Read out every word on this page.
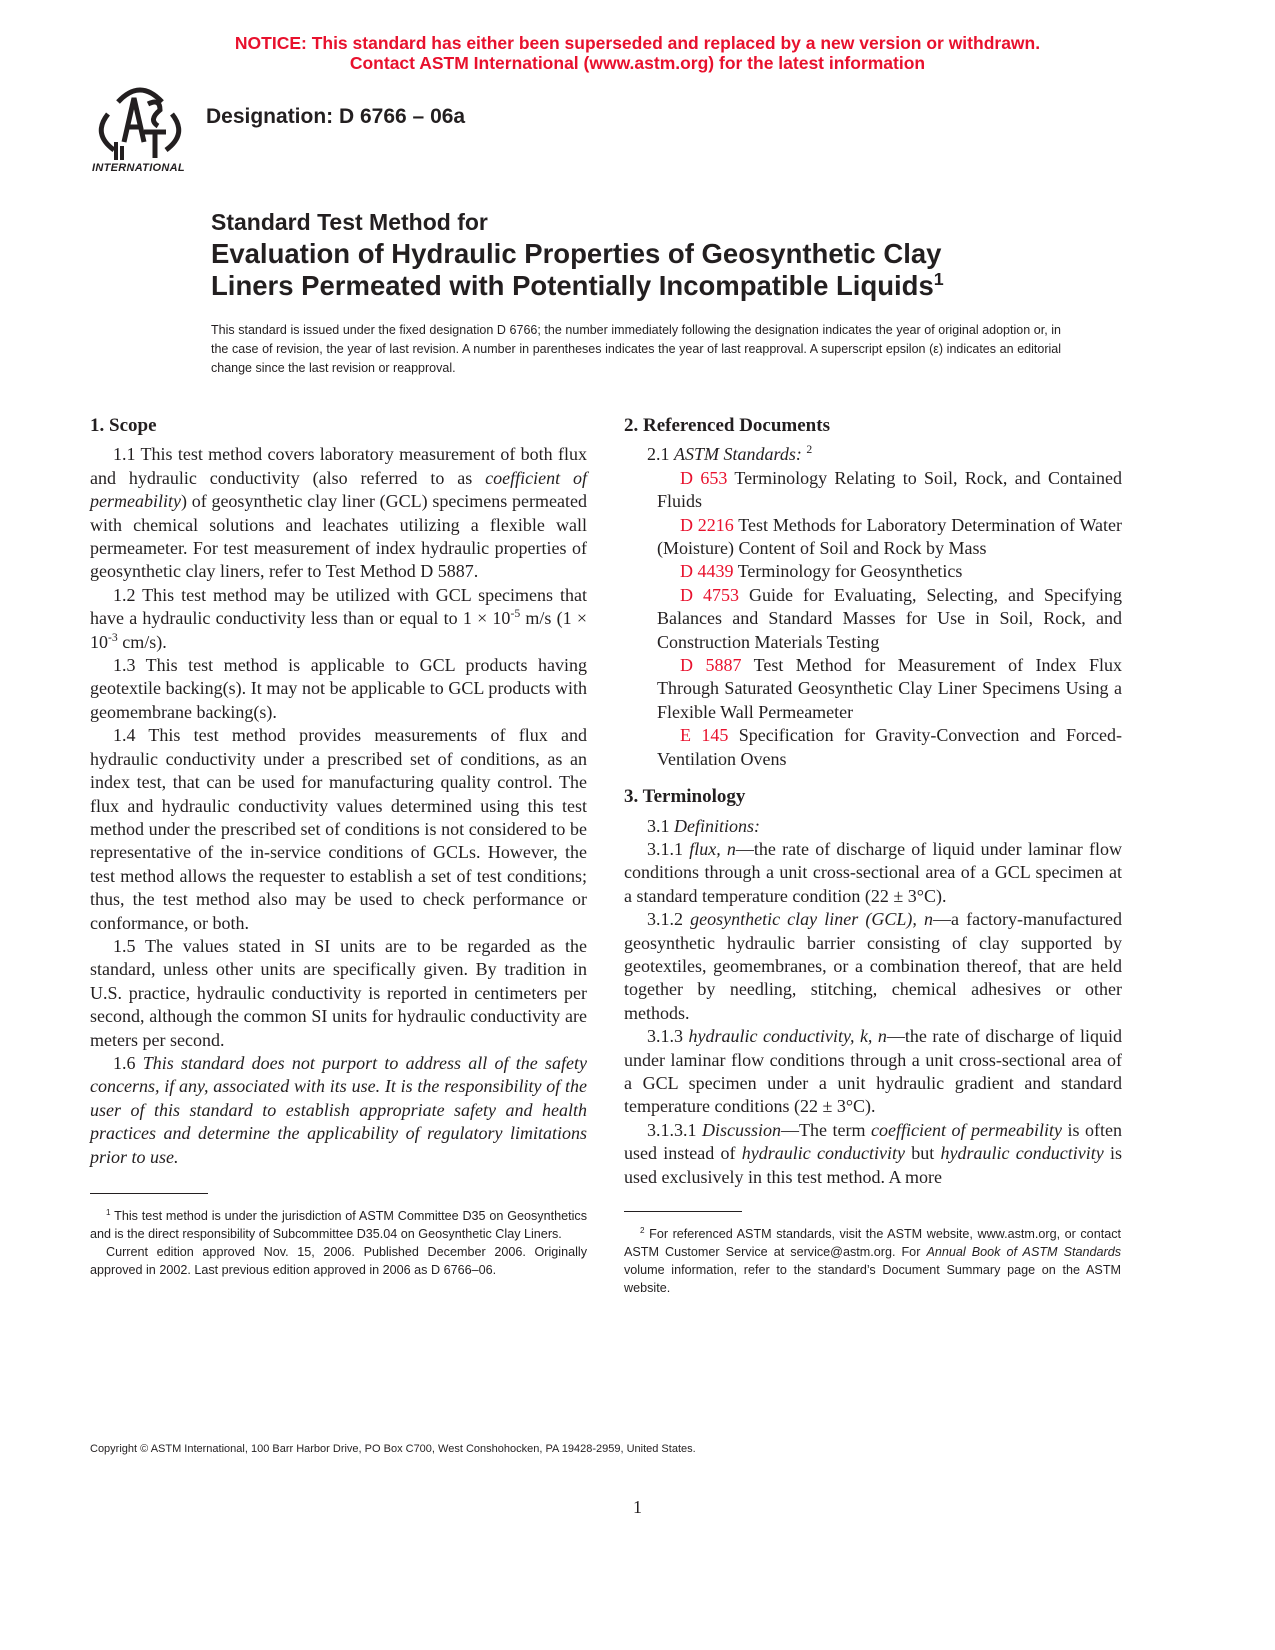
NOTICE: This standard has either been superseded and replaced by a new version or withdrawn.
Contact ASTM International (www.astm.org) for the latest information
INTERNATIONAL
Designation: D 6766 – 06a
Standard Test Method for
Evaluation of Hydraulic Properties of Geosynthetic Clay
Liners Permeated with Potentially Incompatible Liquids$^1$
This standard is issued under the fixed designation D 6766; the number immediately following the designation indicates the year of original adoption or, in the case of revision, the year of last revision. A number in parentheses indicates the year of last reapproval. A superscript epsilon (ε) indicates an editorial change since the last revision or reapproval.
1. Scope

1.1 This test method covers laboratory measurement of both flux and hydraulic conductivity (also referred to as coefficient of permeability) of geosynthetic clay liner (GCL) specimens permeated with chemical solutions and leachates utilizing a flexible wall permeameter. For test measurement of index hydraulic properties of geosynthetic clay liners, refer to Test Method D 5887.

1.2 This test method may be utilized with GCL specimens that have a hydraulic conductivity less than or equal to $1 \times 10^{-5}$ m/s ($1 \times 10^{-3}$ cm/s).

1.3 This test method is applicable to GCL products having geotextile backing(s). It may not be applicable to GCL products with geomembrane backing(s).

1.4 This test method provides measurements of flux and hydraulic conductivity under a prescribed set of conditions, as an index test, that can be used for manufacturing quality control. The flux and hydraulic conductivity values determined using this test method under the prescribed set of conditions is not considered to be representative of the in-service conditions of GCLs. However, the test method allows the requester to establish a set of test conditions; thus, the test method also may be used to check performance or conformance, or both.

1.5 The values stated in SI units are to be regarded as the standard, unless other units are specifically given. By tradition in U.S. practice, hydraulic conductivity is reported in centimeters per second, although the common SI units for hydraulic conductivity are meters per second.

1.6 This standard does not purport to address all of the safety concerns, if any, associated with its use. It is the responsibility of the user of this standard to establish appropriate safety and health practices and determine the applicability of regulatory limitations prior to use.

2. Referenced Documents

2.1 ASTM Standards: $^2$

D 653 Terminology Relating to Soil, Rock, and Contained Fluids

D 2216 Test Methods for Laboratory Determination of Water (Moisture) Content of Soil and Rock by Mass

D 4439 Terminology for Geosynthetics

D 4753 Guide for Evaluating, Selecting, and Specifying Balances and Standard Masses for Use in Soil, Rock, and Construction Materials Testing

D 5887 Test Method for Measurement of Index Flux Through Saturated Geosynthetic Clay Liner Specimens Using a Flexible Wall Permeameter

E 145 Specification for Gravity-Convection and Forced-Ventilation Ovens

3. Terminology

3.1 Definitions:

3.1.1 flux, n—the rate of discharge of liquid under laminar flow conditions through a unit cross-sectional area of a GCL specimen at a standard temperature condition (22 ± 3°C).

3.1.2 geosynthetic clay liner (GCL), n—a factory-manufactured geosynthetic hydraulic barrier consisting of clay supported by geotextiles, geomembranes, or a combination thereof, that are held together by needling, stitching, chemical adhesives or other methods.

3.1.3 hydraulic conductivity, k, n—the rate of discharge of liquid under laminar flow conditions through a unit cross-sectional area of a GCL specimen under a unit hydraulic gradient and standard temperature conditions (22 ± 3°C).

3.1.3.1 Discussion—The term coefficient of permeability is often used instead of hydraulic conductivity but hydraulic conductivity is used exclusively in this test method. A more

$^1$ This test method is under the jurisdiction of ASTM Committee D35 on Geosynthetics and is the direct responsibility of Subcommittee D35.04 on Geosynthetic Clay Liners.

Current edition approved Nov. 15, 2006. Published December 2006. Originally approved in 2002. Last previous edition approved in 2006 as D 6766–06.

$^2$ For referenced ASTM standards, visit the ASTM website, www.astm.org, or contact ASTM Customer Service at service@astm.org. For Annual Book of ASTM Standards volume information, refer to the standard’s Document Summary page on the ASTM website.

Copyright © ASTM International, 100 Barr Harbor Drive, PO Box C700, West Conshohocken, PA 19428-2959, United States.
1
